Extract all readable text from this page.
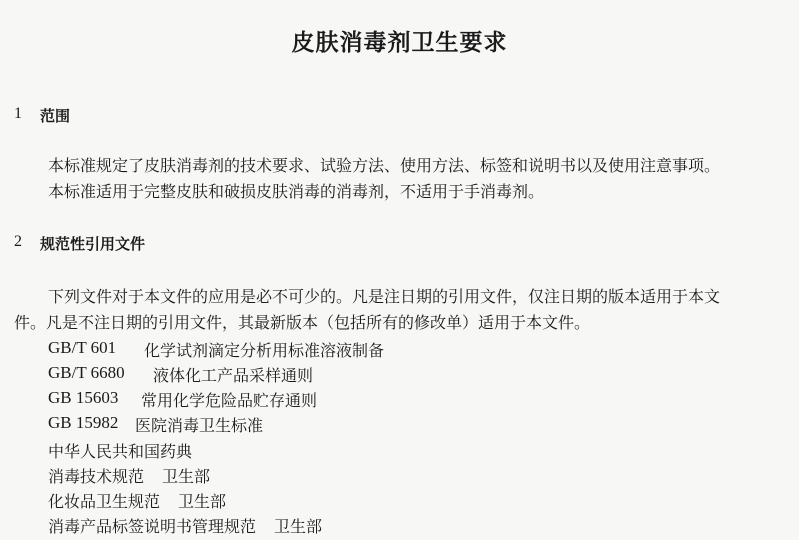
皮肤消毒剂卫生要求
1	范围
本标准规定了皮肤消毒剂的技术要求、试验方法、使用方法、标签和说明书以及使用注意事项。
本标准适用于完整皮肤和破损皮肤消毒的消毒剂，不适用于手消毒剂。
2	规范性引用文件
下列文件对于本文件的应用是必不可少的。凡是注日期的引用文件，仅注日期的版本适用于本文
件。凡是不注日期的引用文件，其最新版本（包括所有的修改单）适用于本文件。
GB/T 601	化学试剂滴定分析用标准溶液制备
GB/T 6680	液体化工产品采样通则
GB 15603	常用化学危险品贮存通则
GB 15982	医院消毒卫生标准
中华人民共和国药典
消毒技术规范 卫生部
化妆品卫生规范 卫生部
消毒产品标签说明书管理规范 卫生部
